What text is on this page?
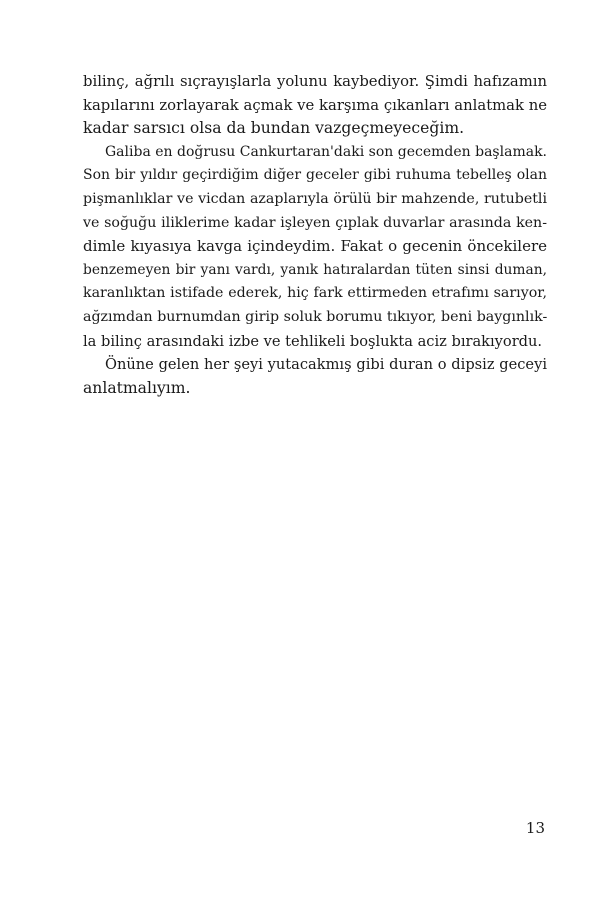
bilinç, ağrılı sıçrayışlarla yolunu kaybediyor. Şimdi hafızamın
kapılarını zorlayarak açmak ve karşıma çıkanları anlatmak ne
kadar sarsıcı olsa da bundan vazgeçmeyeceğim.
Galiba en doğrusu Cankurtaran'daki son gecemden başlamak.
Son bir yıldır geçirdiğim diğer geceler gibi ruhuma tebelleş olan
pişmanlıklar ve vicdan azaplarıyla örülü bir mahzende, rutubetli
ve soğuğu iliklerime kadar işleyen çıplak duvarlar arasında ken-
dimle kıyasıya kavga içindeydim. Fakat o gecenin öncekilere
benzemeyen bir yanı vardı, yanık hatıralardan tüten sinsi duman,
karanlıktan istifade ederek, hiç fark ettirmeden etrafımı sarıyor,
ağzımdan burnumdan girip soluk borumu tıkıyor, beni baygınlık-
la bilinç arasındaki izbe ve tehlikeli boşlukta aciz bırakıyordu.
Önüne gelen her şeyi yutacakmış gibi duran o dipsiz geceyi
anlatmalıyım.
13
